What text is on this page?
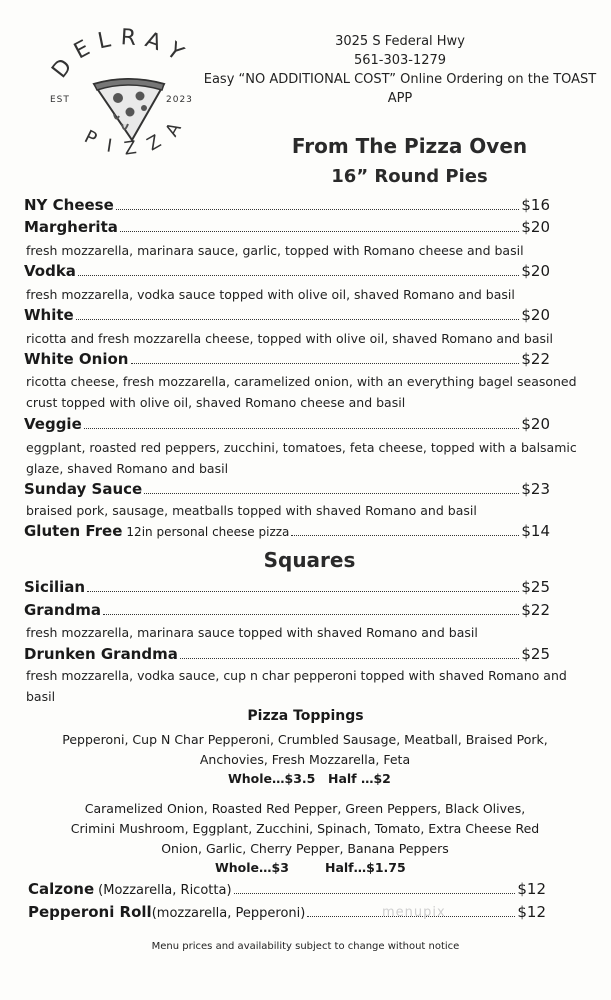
DELRAY
PIZZA
EST	2023
3025 S Federal Hwy
561-303-1279
Easy “NO ADDITIONAL COST” Online Ordering on the TOAST APP
From The Pizza Oven
16” Round Pies
NY Cheese	$16
Margherita	$20
fresh mozzarella, marinara sauce, garlic, topped with Romano cheese and basil
Vodka	$20
fresh mozzarella, vodka sauce topped with olive oil, shaved Romano and basil
White	$20
ricotta and fresh mozzarella cheese, topped with olive oil, shaved Romano and basil
White Onion	$22
ricotta cheese, fresh mozzarella, caramelized onion, with an everything bagel seasoned crust topped with olive oil, shaved Romano cheese and basil
Veggie	$20
eggplant, roasted red peppers, zucchini, tomatoes, feta cheese, topped with a balsamic glaze, shaved Romano and basil
Sunday Sauce	$23
braised pork, sausage, meatballs topped with shaved Romano and basil
Gluten Free 12in personal cheese pizza	$14
Squares
Sicilian	$25
Grandma	$22
fresh mozzarella, marinara sauce topped with shaved Romano and basil
Drunken Grandma	$25
fresh mozzarella, vodka sauce, cup n char pepperoni topped with shaved Romano and basil
Pizza Toppings
Pepperoni, Cup N Char Pepperoni, Crumbled Sausage, Meatball, Braised Pork, Anchovies, Fresh Mozzarella, Feta
Whole…$3.5 Half …$2
Caramelized Onion, Roasted Red Pepper, Green Peppers, Black Olives, Crimini Mushroom, Eggplant, Zucchini, Spinach, Tomato, Extra Cheese Red Onion, Garlic, Cherry Pepper, Banana Peppers
Whole…$3	Half…$1.75
Calzone (Mozzarella, Ricotta)	$12
Pepperoni Roll (mozzarella, Pepperoni)	$12
menupix
Menu prices and availability subject to change without notice
